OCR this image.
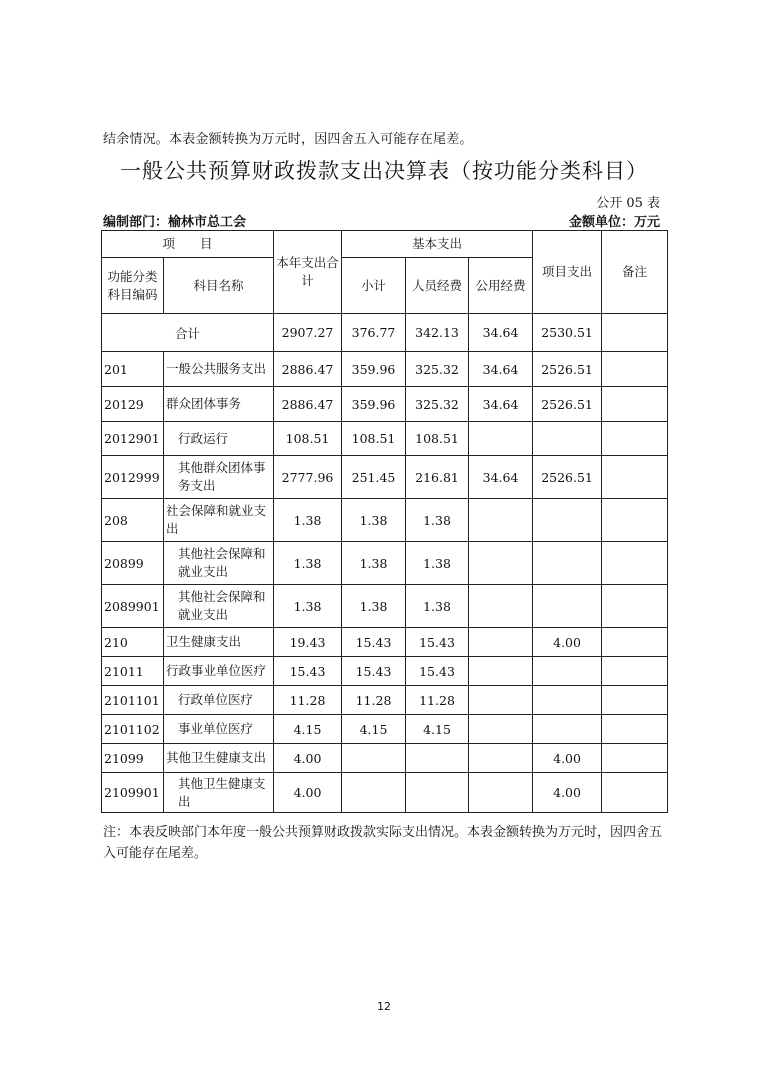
结余情况。本表金额转换为万元时，因四舍五入可能存在尾差。
一般公共预算财政拨款支出决算表（按功能分类科目）
公开 05 表
编制部门：榆林市总工会	金额单位：万元
项　　目		本年支出合计	基本支出			项目支出	备注
功能分类科目编码	科目名称		小计	人员经费	公用经费		
合计		2907.27	376.77	342.13	34.64	2530.51	
201	一般公共服务支出	2886.47	359.96	325.32	34.64	2526.51	
20129	群众团体事务	2886.47	359.96	325.32	34.64	2526.51	
2012901	行政运行	108.51	108.51	108.51			
2012999	其他群众团体事务支出	2777.96	251.45	216.81	34.64	2526.51	
208	社会保障和就业支出	1.38	1.38	1.38			
20899	其他社会保障和就业支出	1.38	1.38	1.38			
2089901	其他社会保障和就业支出	1.38	1.38	1.38			
210	卫生健康支出	19.43	15.43	15.43		4.00	
21011	行政事业单位医疗	15.43	15.43	15.43			
2101101	行政单位医疗	11.28	11.28	11.28			
2101102	事业单位医疗	4.15	4.15	4.15			
21099	其他卫生健康支出	4.00				4.00	
2109901	其他卫生健康支出	4.00				4.00	
注：本表反映部门本年度一般公共预算财政拨款实际支出情况。本表金额转换为万元时，因四舍五入可能存在尾差。
12
